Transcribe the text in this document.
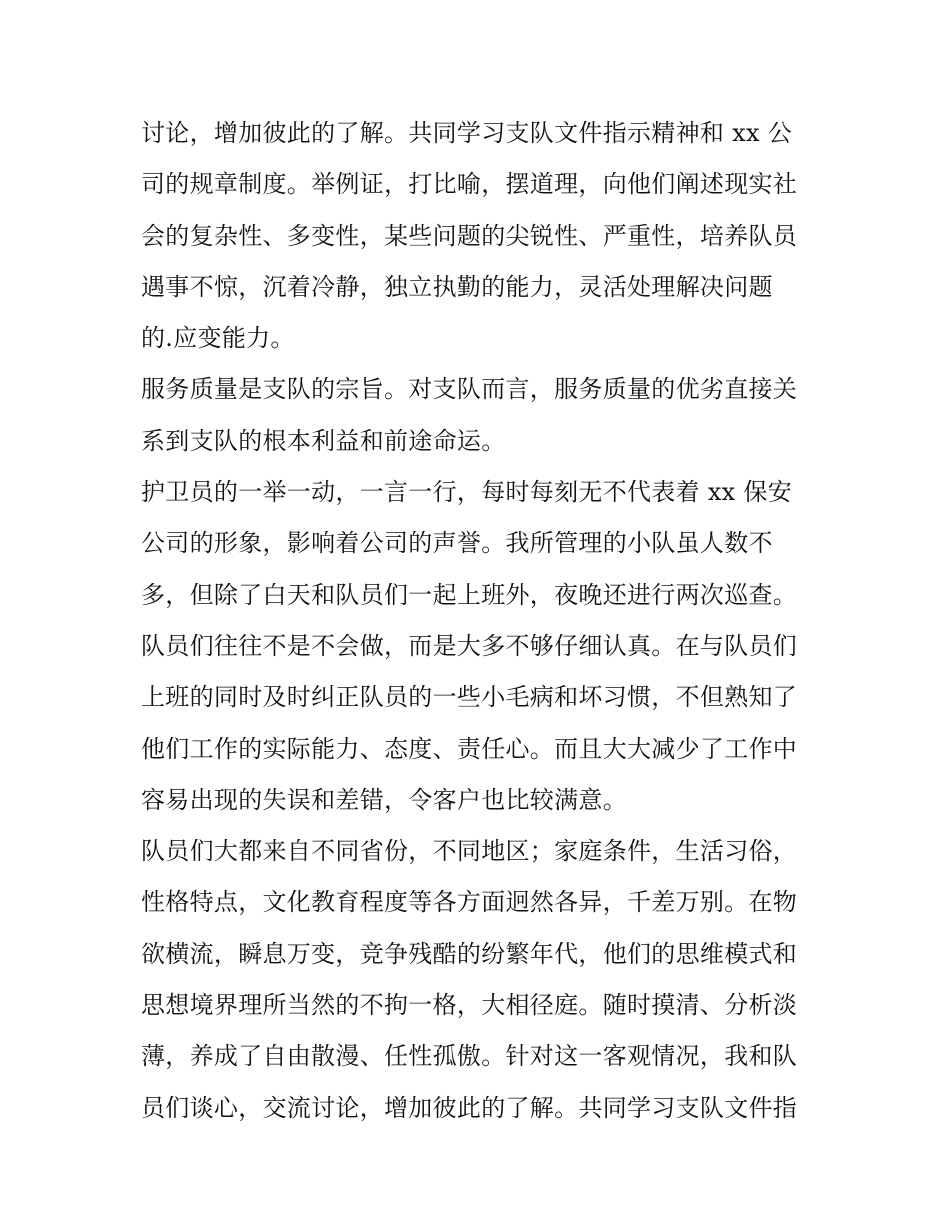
讨论，增加彼此的了解。共同学习支队文件指示精神和 xx 公
司的规章制度。举例证，打比喻，摆道理，向他们阐述现实社
会的复杂性、多变性，某些问题的尖锐性、严重性，培养队员
遇事不惊，沉着冷静，独立执勤的能力，灵活处理解决问题
的.应变能力。
服务质量是支队的宗旨。对支队而言，服务质量的优劣直接关
系到支队的根本利益和前途命运。
护卫员的一举一动，一言一行，每时每刻无不代表着 xx 保安
公司的形象，影响着公司的声誉。我所管理的小队虽人数不
多，但除了白天和队员们一起上班外，夜晚还进行两次巡查。
队员们往往不是不会做，而是大多不够仔细认真。在与队员们
上班的同时及时纠正队员的一些小毛病和坏习惯，不但熟知了
他们工作的实际能力、态度、责任心。而且大大减少了工作中
容易出现的失误和差错，令客户也比较满意。
队员们大都来自不同省份，不同地区；家庭条件，生活习俗，
性格特点，文化教育程度等各方面迥然各异，千差万别。在物
欲横流，瞬息万变，竞争残酷的纷繁年代，他们的思维模式和
思想境界理所当然的不拘一格，大相径庭。随时摸清、分析淡
薄，养成了自由散漫、任性孤傲。针对这一客观情况，我和队
员们谈心，交流讨论，增加彼此的了解。共同学习支队文件指
